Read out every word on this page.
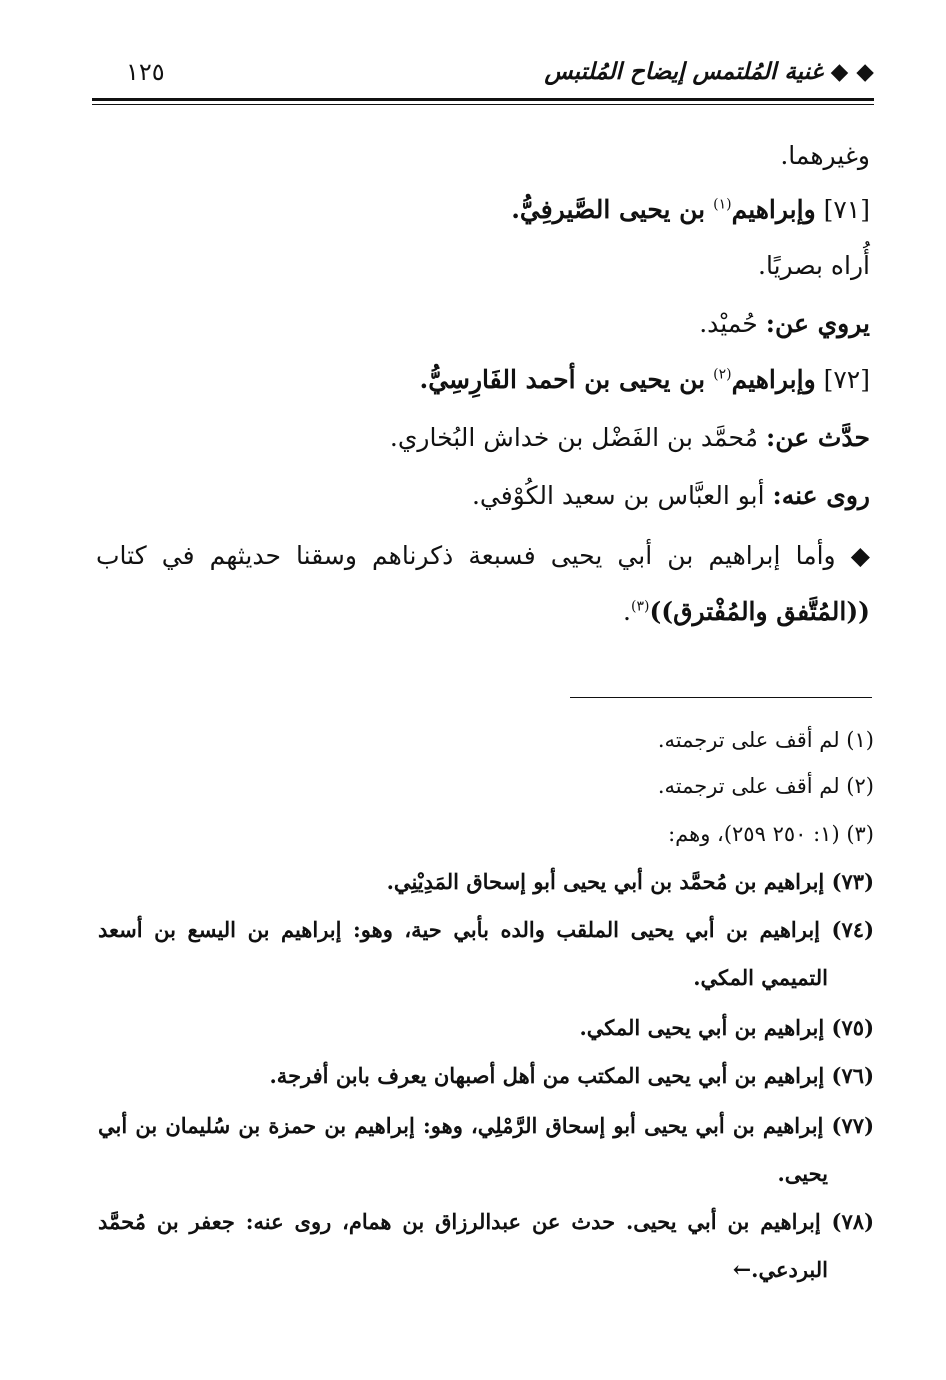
◆ ◆ غنية المُلتمس إيضاح المُلتبس
١٢٥
وغيرهما.
[٧١] وإبراهيم$^{(١)}$ بن يحيى الصَّيرفِيُّ.
أُراه بصريًا.
يروي عن: حُميْد.
[٧٢] وإبراهيم$^{(٢)}$ بن يحيى بن أحمد الفَارِسِيُّ.
حدَّث عن: مُحمَّد بن الفَضْل بن خداش البُخاري.
روى عنه: أبو العبَّاس بن سعيد الكُوْفي.
◆ وأما إبراهيم بن أبي يحيى فسبعة ذكرناهم وسقنا حديثهم في كتاب
((المُتَّفق والمُفْترق))$^{(٣)}$.
(١) لم أقف على ترجمته.
(٢) لم أقف على ترجمته.
(٣) (١: ٢٥٠ ٢٥٩)، وهم:
(٧٣) إبراهيم بن مُحمَّد بن أبي يحيى أبو إسحاق المَدِيْنِي.
(٧٤) إبراهيم بن أبي يحيى الملقب والده بأبي حية، وهو: إبراهيم بن اليسع بن أسعد
التميمي المكي.
(٧٥) إبراهيم بن أبي يحيى المكي.
(٧٦) إبراهيم بن أبي يحيى المكتب من أهل أصبهان يعرف بابن أفرجة.
(٧٧) إبراهيم بن أبي يحيى أبو إسحاق الرَّمْلِي، وهو: إبراهيم بن حمزة بن سُليمان بن أبي
يحيى.
(٧٨) إبراهيم بن أبي يحيى. حدث عن عبدالرزاق بن همام، روى عنه: جعفر بن مُحمَّد
البردعي.←
